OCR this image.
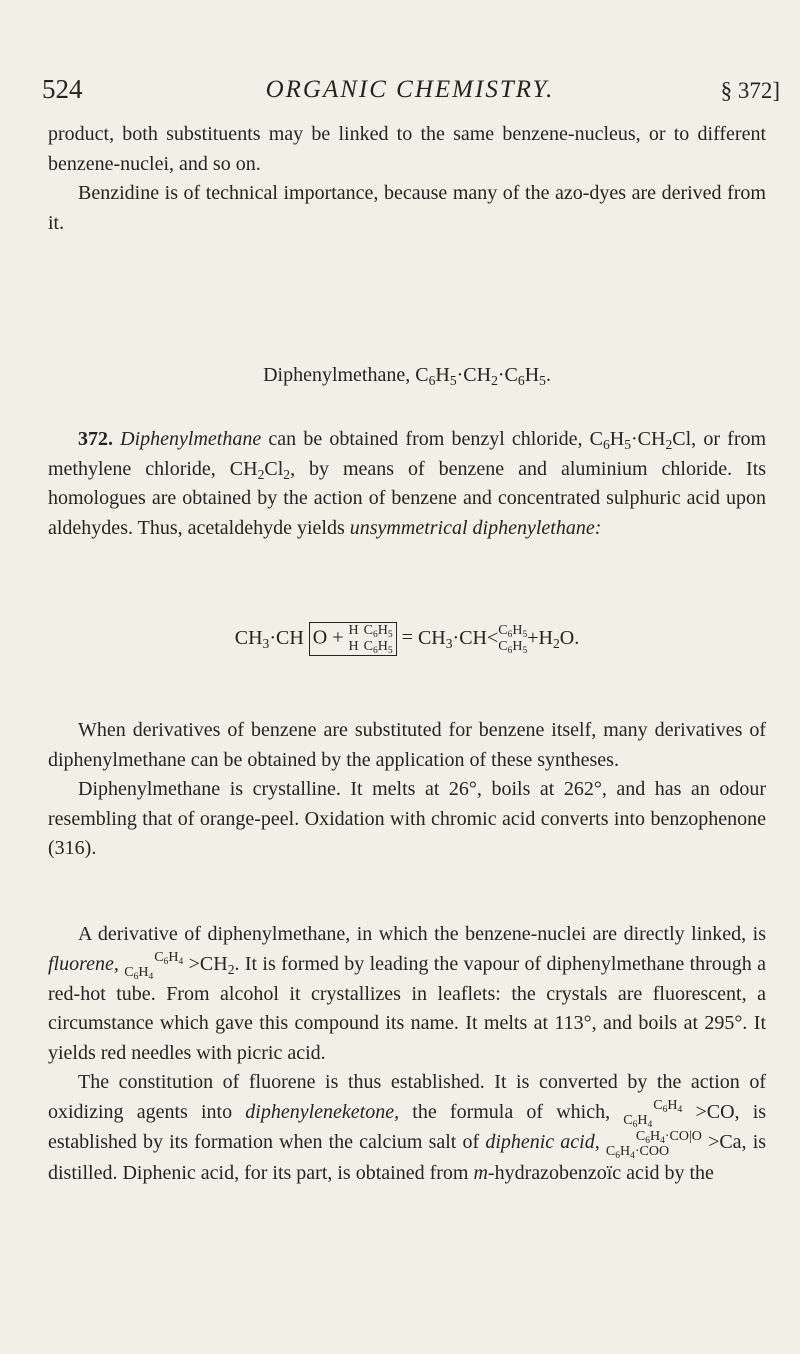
524	ORGANIC CHEMISTRY.	§ 372]

product, both substituents may be linked to the same benzene-nucleus, or to different benzene-nuclei, and so on.

Benzidine is of technical importance, because many of the azo-dyes are derived from it.

Diphenylmethane, $C_6H_5\cdot CH_2\cdot C_6H_5$.

372. Diphenylmethane can be obtained from benzyl chloride, $C_6H_5\cdot CH_2Cl$, or from methylene chloride, $CH_2Cl_2$, by means of benzene and aluminium chloride. Its homologues are obtained by the action of benzene and concentrated sulphuric acid upon aldehydes. Thus, acetaldehyde yields unsymmetrical diphenylethane:

$CH_3\cdot CH$ O + H
H $C_6H_5$
$C_6H_5 = CH_3\cdot CH<C_6H_5$
$C_6H_5+H_2O$.

When derivatives of benzene are substituted for benzene itself, many derivatives of diphenylmethane can be obtained by the application of these syntheses.

Diphenylmethane is crystalline. It melts at 26°, boils at 262°, and has an odour resembling that of orange-peel. Oxidation with chromic acid converts into benzophenone (316).

A derivative of diphenylmethane, in which the benzene-nuclei are directly linked, is fluorene,	$C_6H_4$
$C_6H_4 >CH_2$. It is formed by leading the vapour of diphenylmethane through a red-hot tube. From alcohol it crystallizes in leaflets: the crystals are fluorescent, a circumstance which gave this compound its name. It melts at 113°, and boils at 295°. It yields red needles with picric acid.

The constitution of fluorene is thus established. It is converted by the action of oxidizing agents into diphenyleneketone, the formula of which,	$C_6H_4$
$C_6H_4 >CO$, is established by its formation when the calcium salt of diphenic acid,	$C_6H_4\cdot CO|O$
$C_6H_4\cdot COO >Ca$, is distilled. Diphenic acid, for its part, is obtained from m-hydrazobenzoïc acid by the
